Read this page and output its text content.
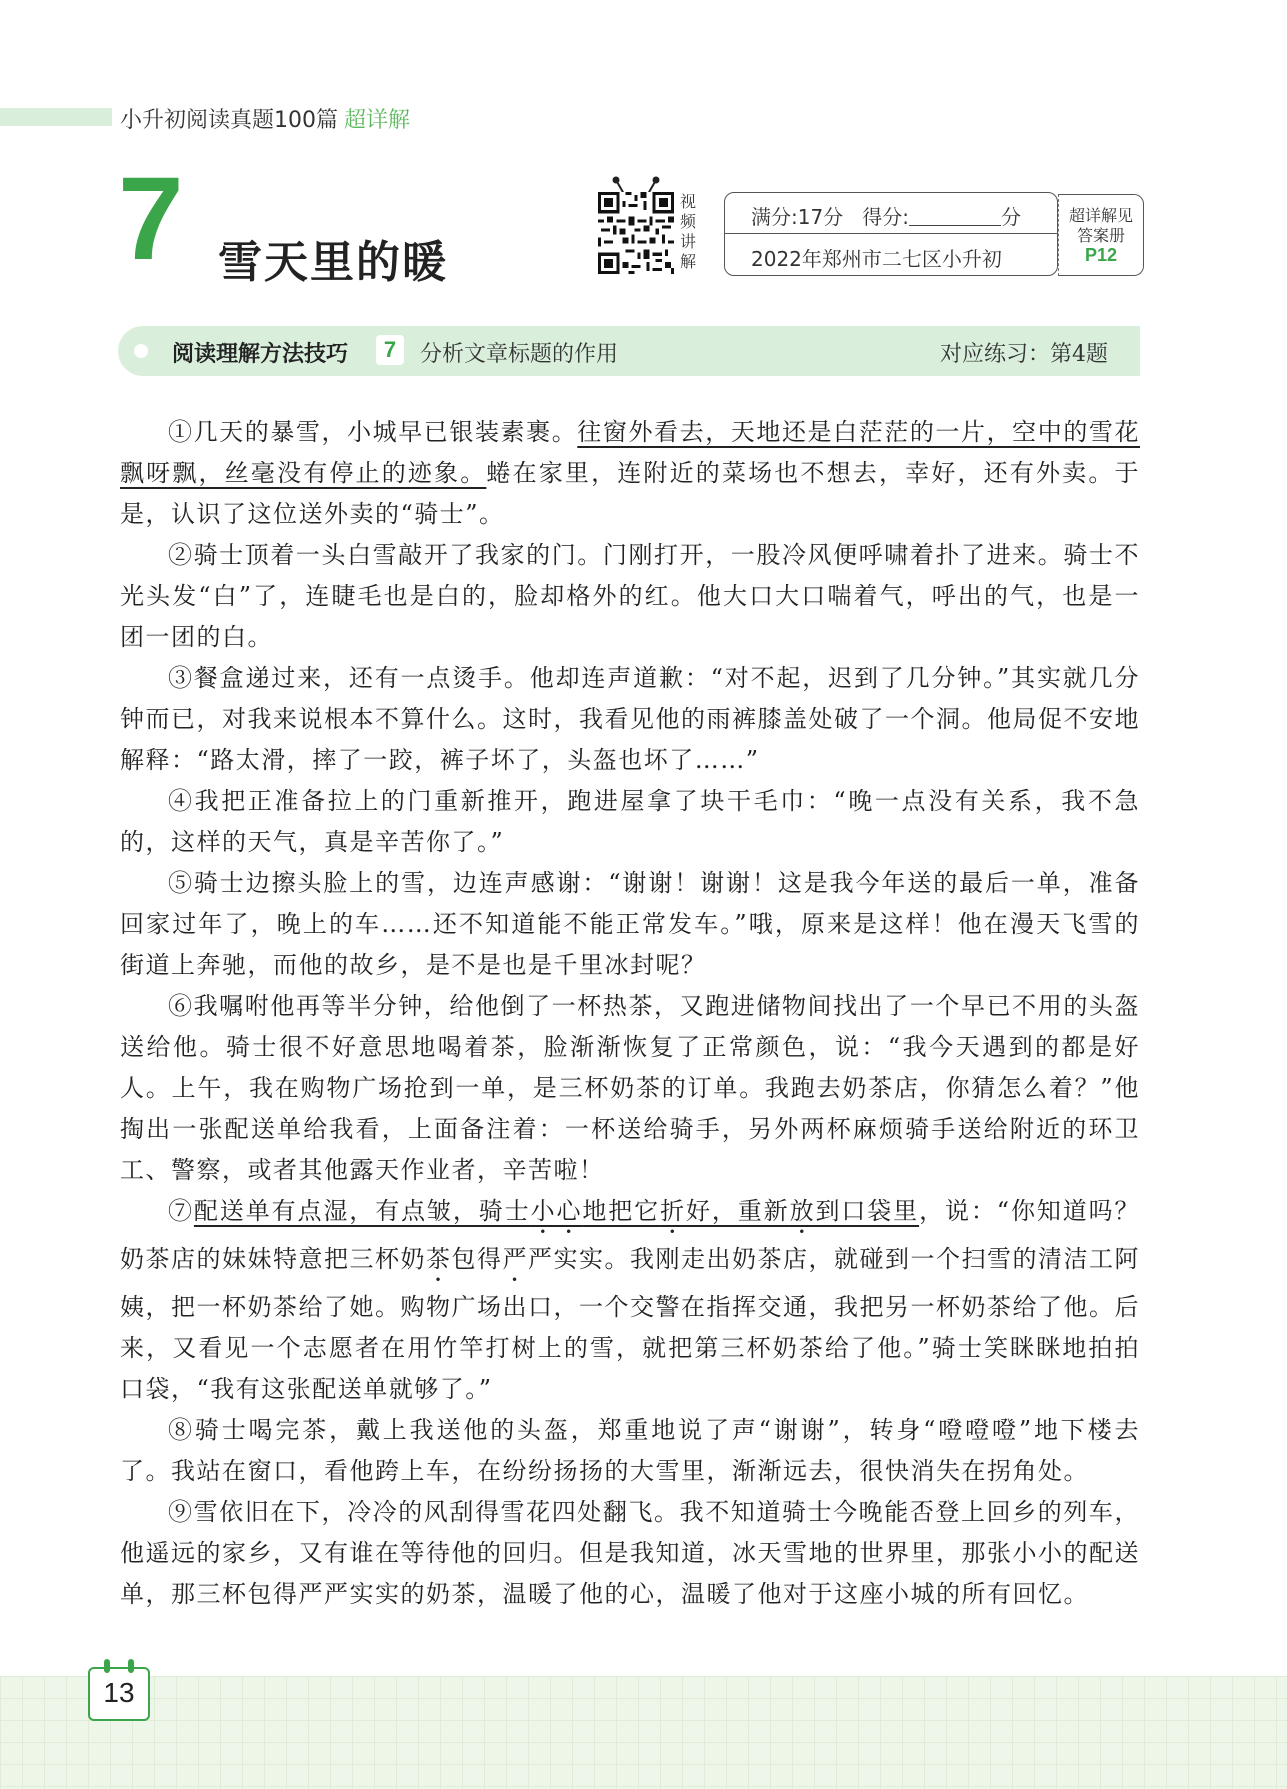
小升初阅读真题100篇 超详解
7 雪天里的暖
视
频
讲
解
满分:17分 得分:	分
2022年郑州市二七区小升初
超详解见
答案册
P12
阅读理解方法技巧	7	分析文章标题的作用	对应练习：第4题

①几天的暴雪，小城早已银装素裹。往窗外看去，天地还是白茫茫的一片，空中的雪花飘呀飘，丝毫没有停止的迹象。蜷在家里，连附近的菜场也不想去，幸好，还有外卖。于是，认识了这位送外卖的“骑士”。

②骑士顶着一头白雪敲开了我家的门。门刚打开，一股冷风便呼啸着扑了进来。骑士不光头发“白”了，连睫毛也是白的，脸却格外的红。他大口大口喘着气，呼出的气，也是一团一团的白。

③餐盒递过来，还有一点烫手。他却连声道歉：“对不起，迟到了几分钟。”其实就几分钟而已，对我来说根本不算什么。这时，我看见他的雨裤膝盖处破了一个洞。他局促不安地解释：“路太滑，摔了一跤，裤子坏了，头盔也坏了……”

④我把正准备拉上的门重新推开，跑进屋拿了块干毛巾：“晚一点没有关系，我不急的，这样的天气，真是辛苦你了。”

⑤骑士边擦头脸上的雪，边连声感谢：“谢谢！谢谢！这是我今年送的最后一单，准备回家过年了，晚上的车……还不知道能不能正常发车。”哦，原来是这样！他在漫天飞雪的街道上奔驰，而他的故乡，是不是也是千里冰封呢？

⑥我嘱咐他再等半分钟，给他倒了一杯热茶，又跑进储物间找出了一个早已不用的头盔送给他。骑士很不好意思地喝着茶，脸渐渐恢复了正常颜色，说：“我今天遇到的都是好人。上午，我在购物广场抢到一单，是三杯奶茶的订单。我跑去奶茶店，你猜怎么着？”他掏出一张配送单给我看，上面备注着：一杯送给骑手，另外两杯麻烦骑手送给附近的环卫工、警察，或者其他露天作业者，辛苦啦！

⑦配送单有点湿，有点皱，骑士小心地把它折好，重新放到口袋里，说：“你知道吗？奶茶店的妹妹特意把三杯奶茶包得严严实实。我刚走出奶茶店，就碰到一个扫雪的清洁工阿姨，把一杯奶茶给了她。购物广场出口，一个交警在指挥交通，我把另一杯奶茶给了他。后来，又看见一个志愿者在用竹竿打树上的雪，就把第三杯奶茶给了他。”骑士笑眯眯地拍拍口袋，“我有这张配送单就够了。”

⑧骑士喝完茶，戴上我送他的头盔，郑重地说了声“谢谢”，转身“噔噔噔”地下楼去了。我站在窗口，看他跨上车，在纷纷扬扬的大雪里，渐渐远去，很快消失在拐角处。

⑨雪依旧在下，冷冷的风刮得雪花四处翻飞。我不知道骑士今晚能否登上回乡的列车，他遥远的家乡，又有谁在等待他的回归。但是我知道，冰天雪地的世界里，那张小小的配送单，那三杯包得严严实实的奶茶，温暖了他的心，温暖了他对于这座小城的所有回忆。

13
